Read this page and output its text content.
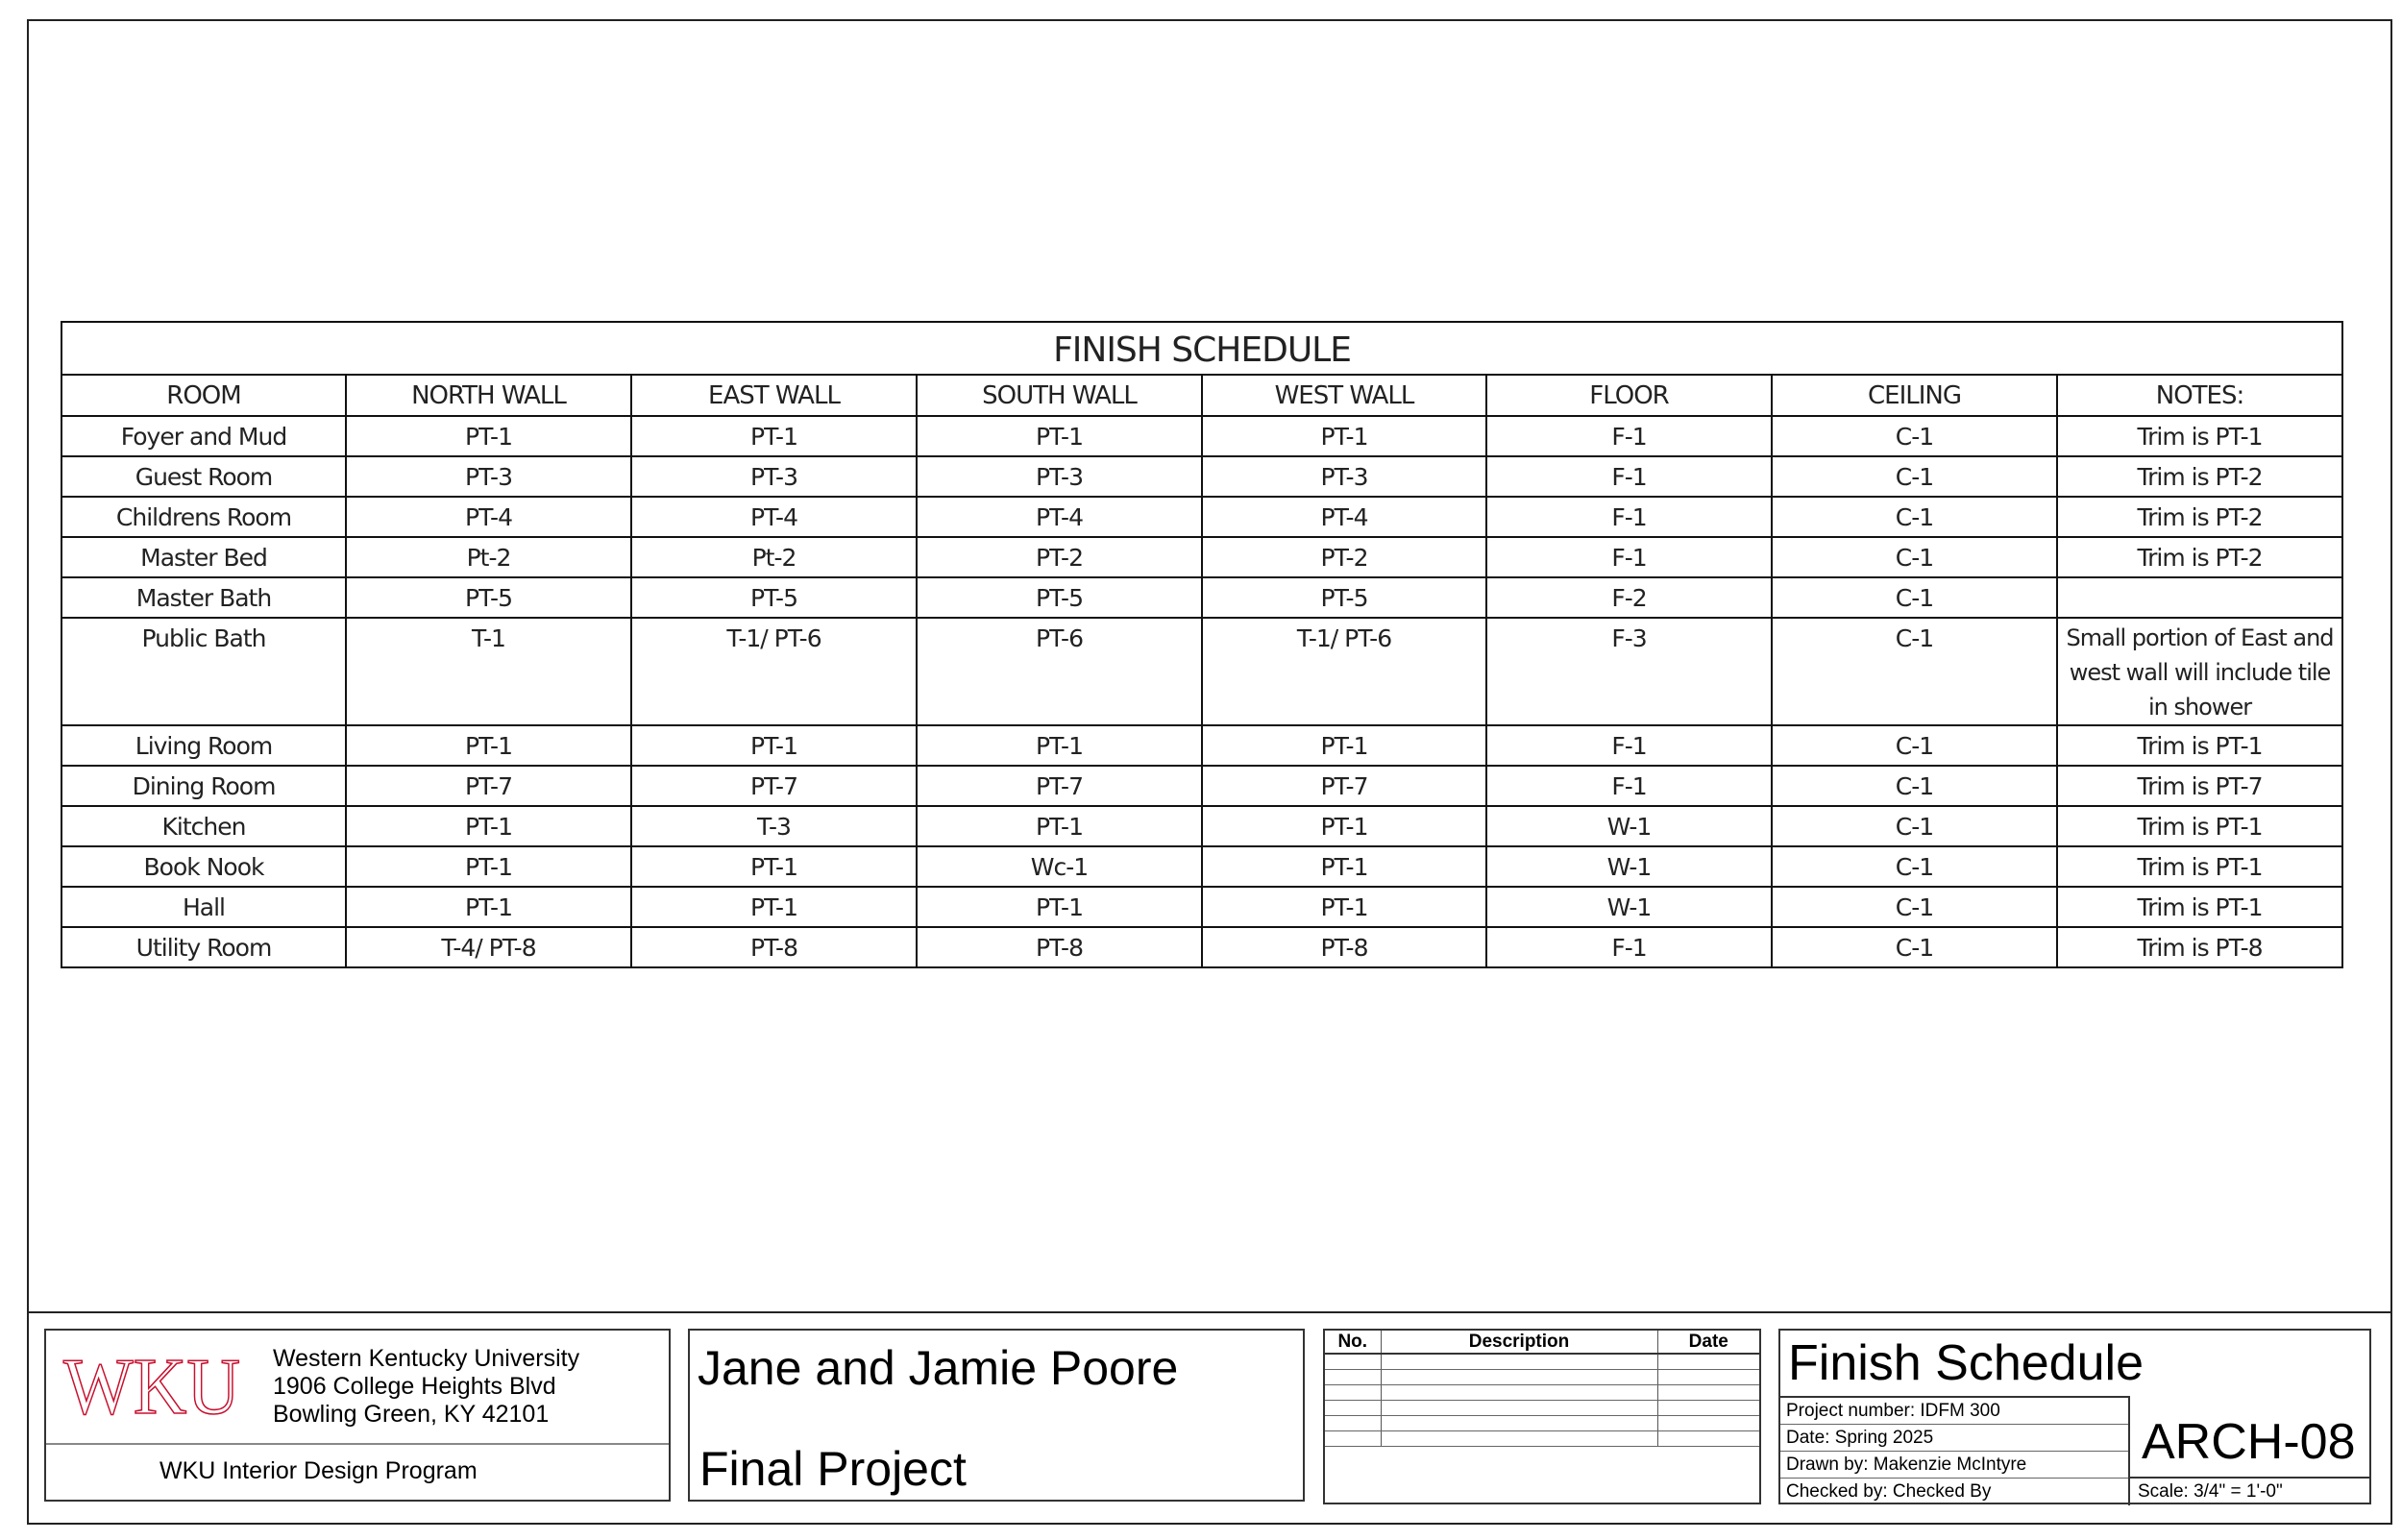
FINISH SCHEDULE							
ROOM	NORTH WALL	EAST WALL	SOUTH WALL	WEST WALL	FLOOR	CEILING	NOTES:
Foyer and Mud	PT-1	PT-1	PT-1	PT-1	F-1	C-1	Trim is PT-1
Guest Room	PT-3	PT-3	PT-3	PT-3	F-1	C-1	Trim is PT-2
Childrens Room	PT-4	PT-4	PT-4	PT-4	F-1	C-1	Trim is PT-2
Master Bed	Pt-2	Pt-2	PT-2	PT-2	F-1	C-1	Trim is PT-2
Master Bath	PT-5	PT-5	PT-5	PT-5	F-2	C-1	
Public Bath	T-1	T-1/ PT-6	PT-6	T-1/ PT-6	F-3	C-1	Small portion of East and west wall will include tile in shower
Living Room	PT-1	PT-1	PT-1	PT-1	F-1	C-1	Trim is PT-1
Dining Room	PT-7	PT-7	PT-7	PT-7	F-1	C-1	Trim is PT-7
Kitchen	PT-1	T-3	PT-1	PT-1	W-1	C-1	Trim is PT-1
Book Nook	PT-1	PT-1	Wc-1	PT-1	W-1	C-1	Trim is PT-1
Hall	PT-1	PT-1	PT-1	PT-1	W-1	C-1	Trim is PT-1
Utility Room	T-4/ PT-8	PT-8	PT-8	PT-8	F-1	C-1	Trim is PT-8
WKU Western Kentucky University
1906 College Heights Blvd
Bowling Green, KY 42101
WKU Interior Design Program
Jane and Jamie Poore
Final Project
No.	Description	Date

		Finish Schedule
Project number: IDFM 300
Date: Spring 2025
Drawn by: Makenzie McIntyre
Checked by: Checked By
ARCH-08
Scale: 3/4" = 1'-0"
